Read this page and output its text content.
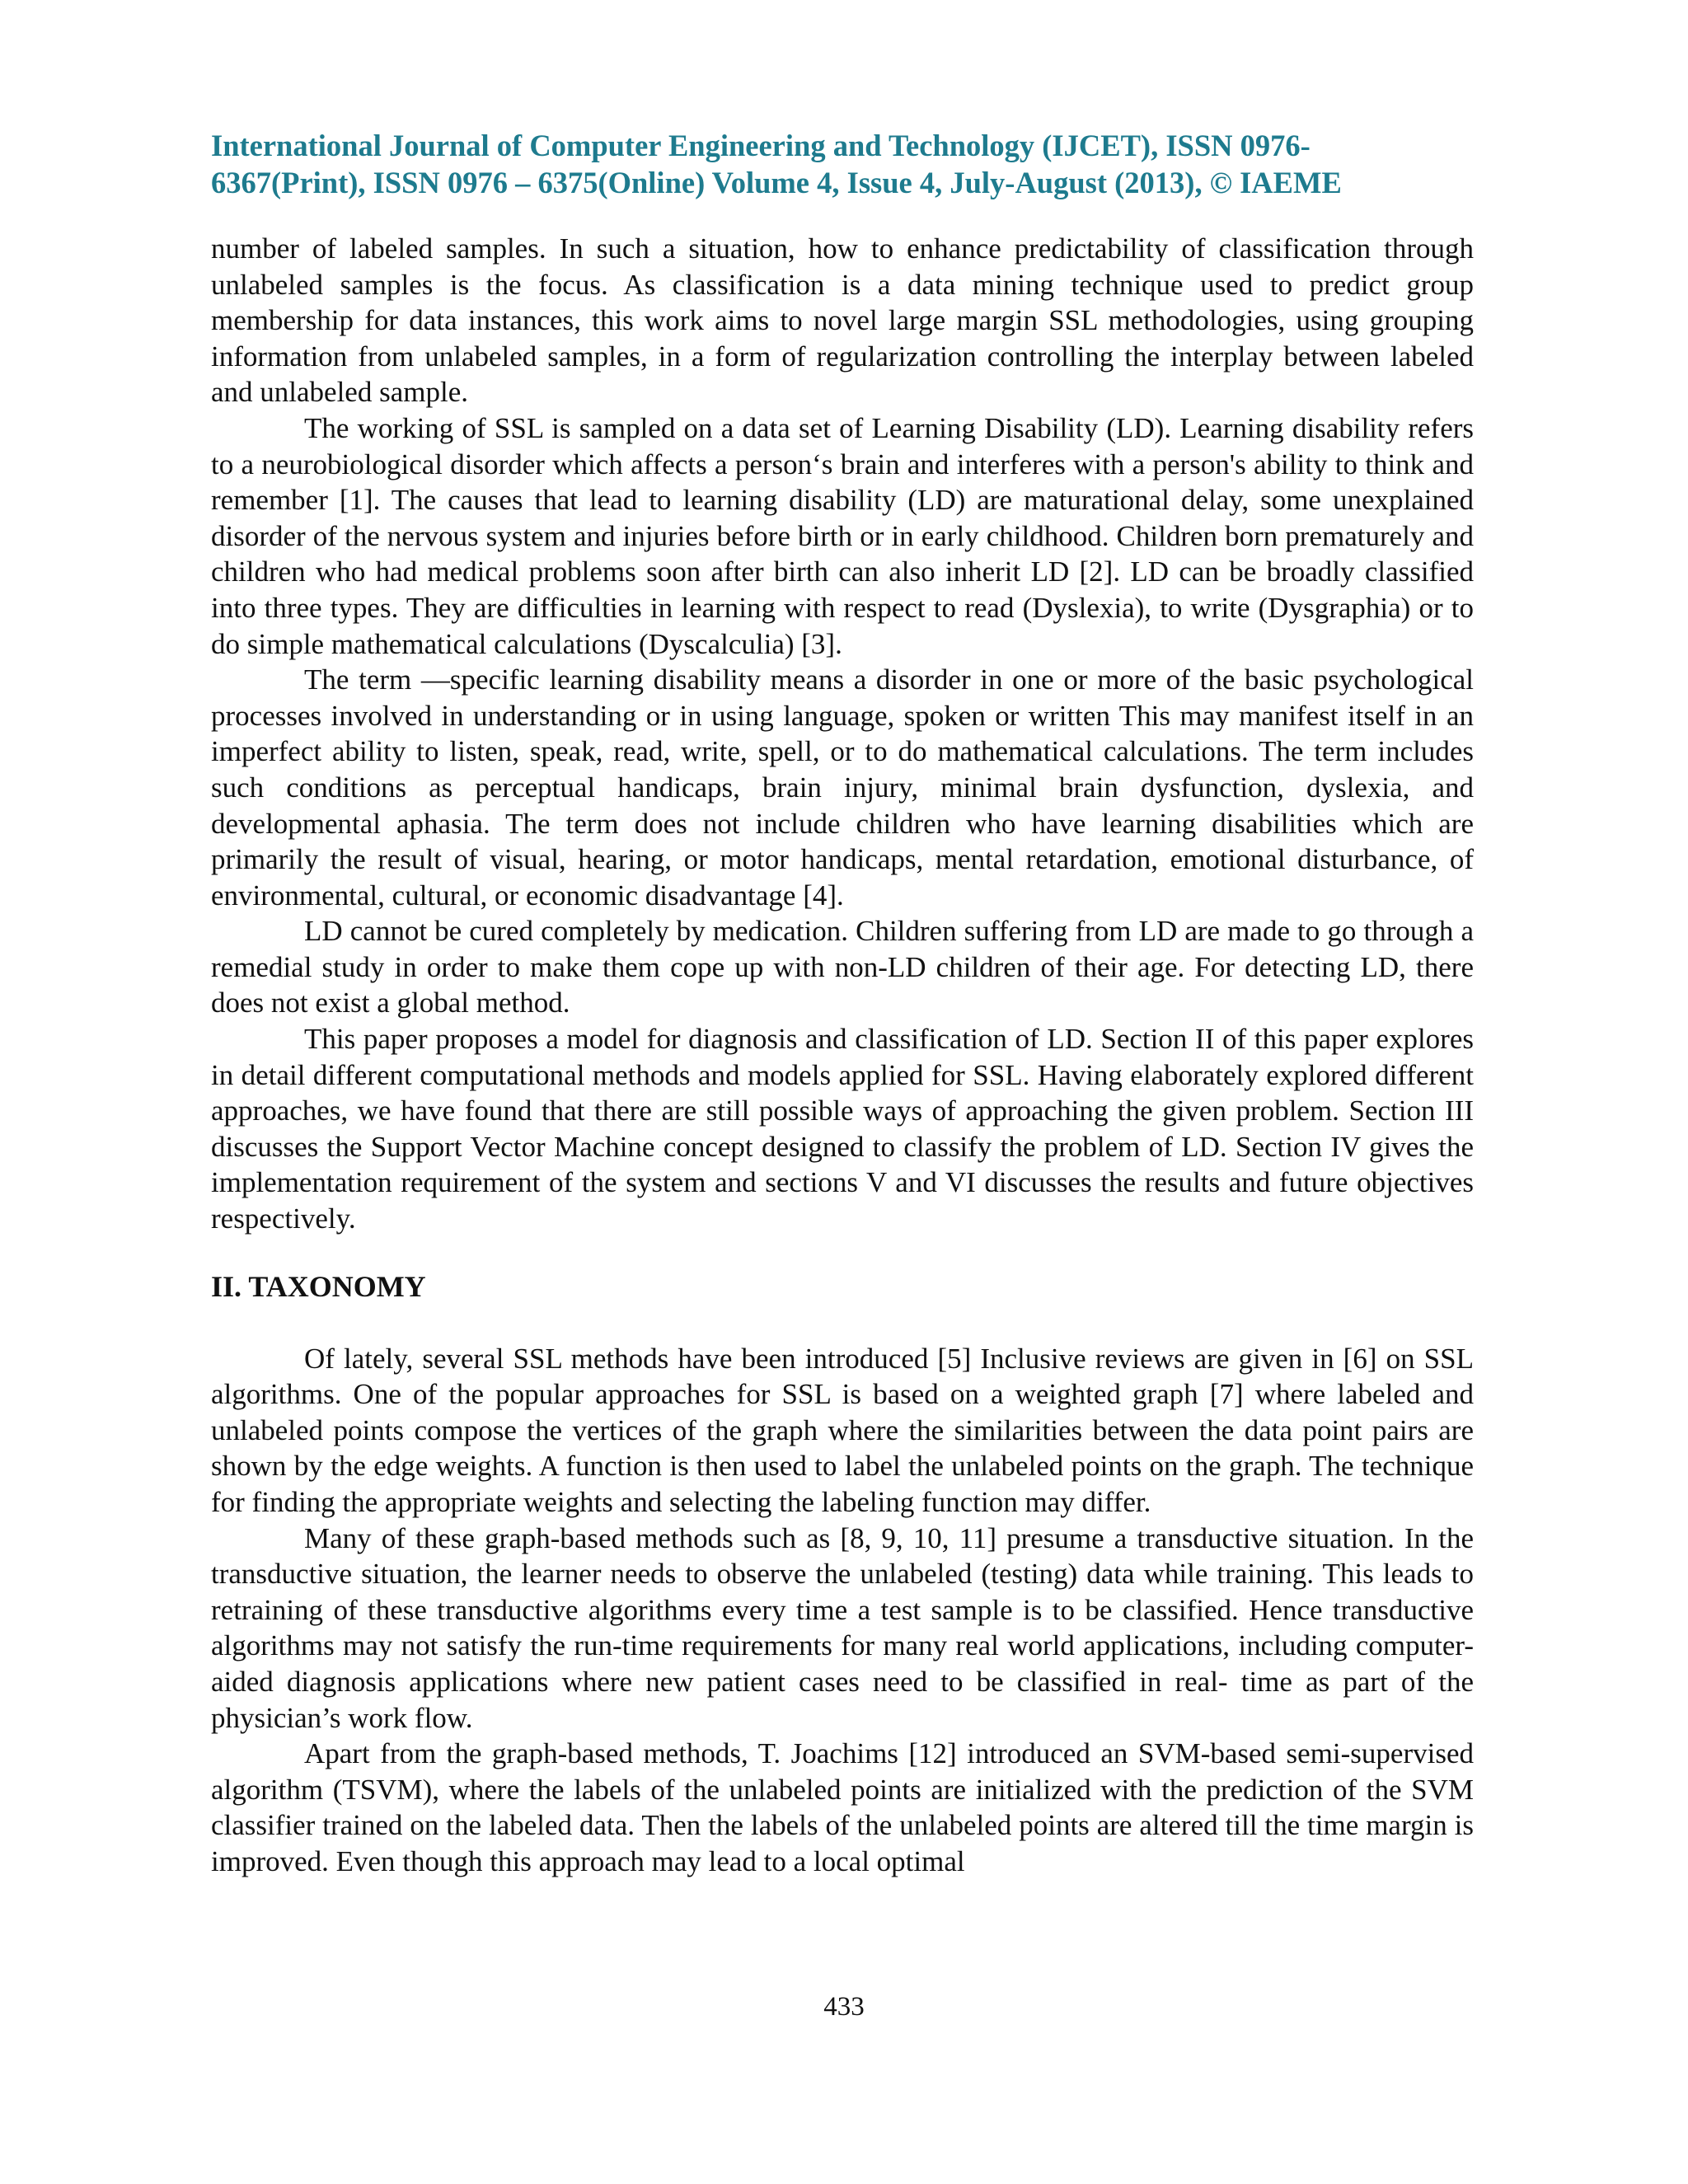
International Journal of Computer Engineering and Technology (IJCET), ISSN 0976-
6367(Print), ISSN 0976 – 6375(Online) Volume 4, Issue 4, July-August (2013), © IAEME

number of labeled samples. In such a situation, how to enhance predictability of classification through unlabeled samples is the focus. As classification is a data mining technique used to predict group membership for data instances, this work aims to novel large margin SSL methodologies, using grouping information from unlabeled samples, in a form of regularization controlling the interplay between labeled and unlabeled sample.

The working of SSL is sampled on a data set of Learning Disability (LD). Learning disability refers to a neurobiological disorder which affects a person‘s brain and interferes with a person's ability to think and remember [1]. The causes that lead to learning disability (LD) are maturational delay, some unexplained disorder of the nervous system and injuries before birth or in early childhood. Children born prematurely and children who had medical problems soon after birth can also inherit LD [2]. LD can be broadly classified into three types. They are difficulties in learning with respect to read (Dyslexia), to write (Dysgraphia) or to do simple mathematical calculations (Dyscalculia) [3].

The term ―specific learning disability means a disorder in one or more of the basic psychological processes involved in understanding or in using language, spoken or written This may manifest itself in an imperfect ability to listen, speak, read, write, spell, or to do mathematical calculations. The term includes such conditions as perceptual handicaps, brain injury, minimal brain dysfunction, dyslexia, and developmental aphasia. The term does not include children who have learning disabilities which are primarily the result of visual, hearing, or motor handicaps, mental retardation, emotional disturbance, of environmental, cultural, or economic disadvantage [4].

LD cannot be cured completely by medication. Children suffering from LD are made to go through a remedial study in order to make them cope up with non-LD children of their age. For detecting LD, there does not exist a global method.

This paper proposes a model for diagnosis and classification of LD. Section II of this paper explores in detail different computational methods and models applied for SSL. Having elaborately explored different approaches, we have found that there are still possible ways of approaching the given problem. Section III discusses the Support Vector Machine concept designed to classify the problem of LD. Section IV gives the implementation requirement of the system and sections V and VI discusses the results and future objectives respectively.

II. TAXONOMY

Of lately, several SSL methods have been introduced [5] Inclusive reviews are given in [6] on SSL algorithms. One of the popular approaches for SSL is based on a weighted graph [7] where labeled and unlabeled points compose the vertices of the graph where the similarities between the data point pairs are shown by the edge weights. A function is then used to label the unlabeled points on the graph. The technique for finding the appropriate weights and selecting the labeling function may differ.

Many of these graph-based methods such as [8, 9, 10, 11] presume a transductive situation. In the transductive situation, the learner needs to observe the unlabeled (testing) data while training. This leads to retraining of these transductive algorithms every time a test sample is to be classified. Hence transductive algorithms may not satisfy the run-time requirements for many real world applications, including computer-aided diagnosis applications where new patient cases need to be classified in real- time as part of the physician’s work flow.

Apart from the graph-based methods, T. Joachims [12] introduced an SVM-based semi-supervised algorithm (TSVM), where the labels of the unlabeled points are initialized with the prediction of the SVM classifier trained on the labeled data. Then the labels of the unlabeled points are altered till the time margin is improved. Even though this approach may lead to a local optimal

433
